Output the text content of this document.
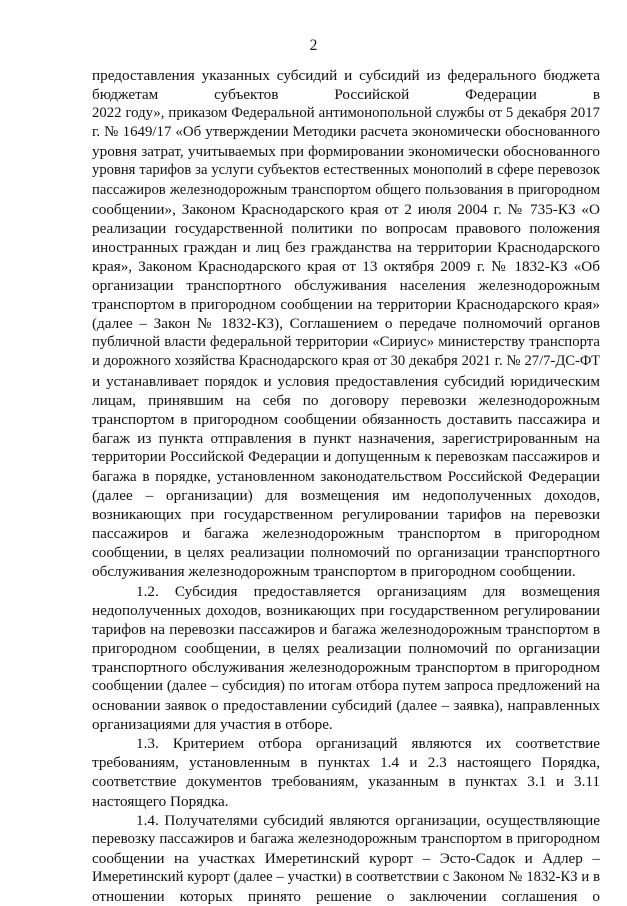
2
предоставления указанных субсидий и субсидий из федерального бюджета
бюджетам субъектов Российской Федерации в
2022 году», приказом Федеральной антимонопольной службы от 5 декабря 2017
г. № 1649/17 «Об утверждении Методики расчета экономически обоснованного
уровня затрат, учитываемых при формировании экономически обоснованного
уровня тарифов за услуги субъектов естественных монополий в сфере перевозок
пассажиров железнодорожным транспортом общего пользования в пригородном
сообщении», Законом Краснодарского края от 2 июля 2004 г. № 735-КЗ «О
реализации государственной политики по вопросам правового положения
иностранных граждан и лиц без гражданства на территории Краснодарского
края», Законом Краснодарского края от 13 октября 2009 г. № 1832-КЗ «Об
организации транспортного обслуживания населения железнодорожным
транспортом в пригородном сообщении на территории Краснодарского края»
(далее – Закон № 1832-КЗ), Соглашением о передаче полномочий органов
публичной власти федеральной территории «Сириус» министерству транспорта
и дорожного хозяйства Краснодарского края от 30 декабря 2021 г. № 27/7-ДС-ФТ
и устанавливает порядок и условия предоставления субсидий юридическим
лицам, принявшим на себя по договору перевозки железнодорожным
транспортом в пригородном сообщении обязанность доставить пассажира и
багаж из пункта отправления в пункт назначения, зарегистрированным на
территории Российской Федерации и допущенным к перевозкам пассажиров и
багажа в порядке, установленном законодательством Российской Федерации
(далее – организации) для возмещения им недополученных доходов,
возникающих при государственном регулировании тарифов на перевозки
пассажиров и багажа железнодорожным транспортом в пригородном
сообщении, в целях реализации полномочий по организации транспортного
обслуживания железнодорожным транспортом в пригородном сообщении.
1.2. Субсидия предоставляется организациям для возмещения
недополученных доходов, возникающих при государственном регулировании
тарифов на перевозки пассажиров и багажа железнодорожным транспортом в
пригородном сообщении, в целях реализации полномочий по организации
транспортного обслуживания железнодорожным транспортом в пригородном
сообщении (далее – субсидия) по итогам отбора путем запроса предложений на
основании заявок о предоставлении субсидий (далее – заявка), направленных
организациями для участия в отборе.
1.3. Критерием отбора организаций являются их соответствие
требованиям, установленным в пунктах 1.4 и 2.3 настоящего Порядка,
соответствие документов требованиям, указанным в пунктах 3.1 и 3.11
настоящего Порядка.
1.4. Получателями субсидий являются организации, осуществляющие
перевозку пассажиров и багажа железнодорожным транспортом в пригородном
сообщении на участках Имеретинский курорт – Эсто-Садок и Адлер –
Имеретинский курорт (далее – участки) в соответствии с Законом № 1832-КЗ и в
отношении которых принято решение о заключении соглашения о
